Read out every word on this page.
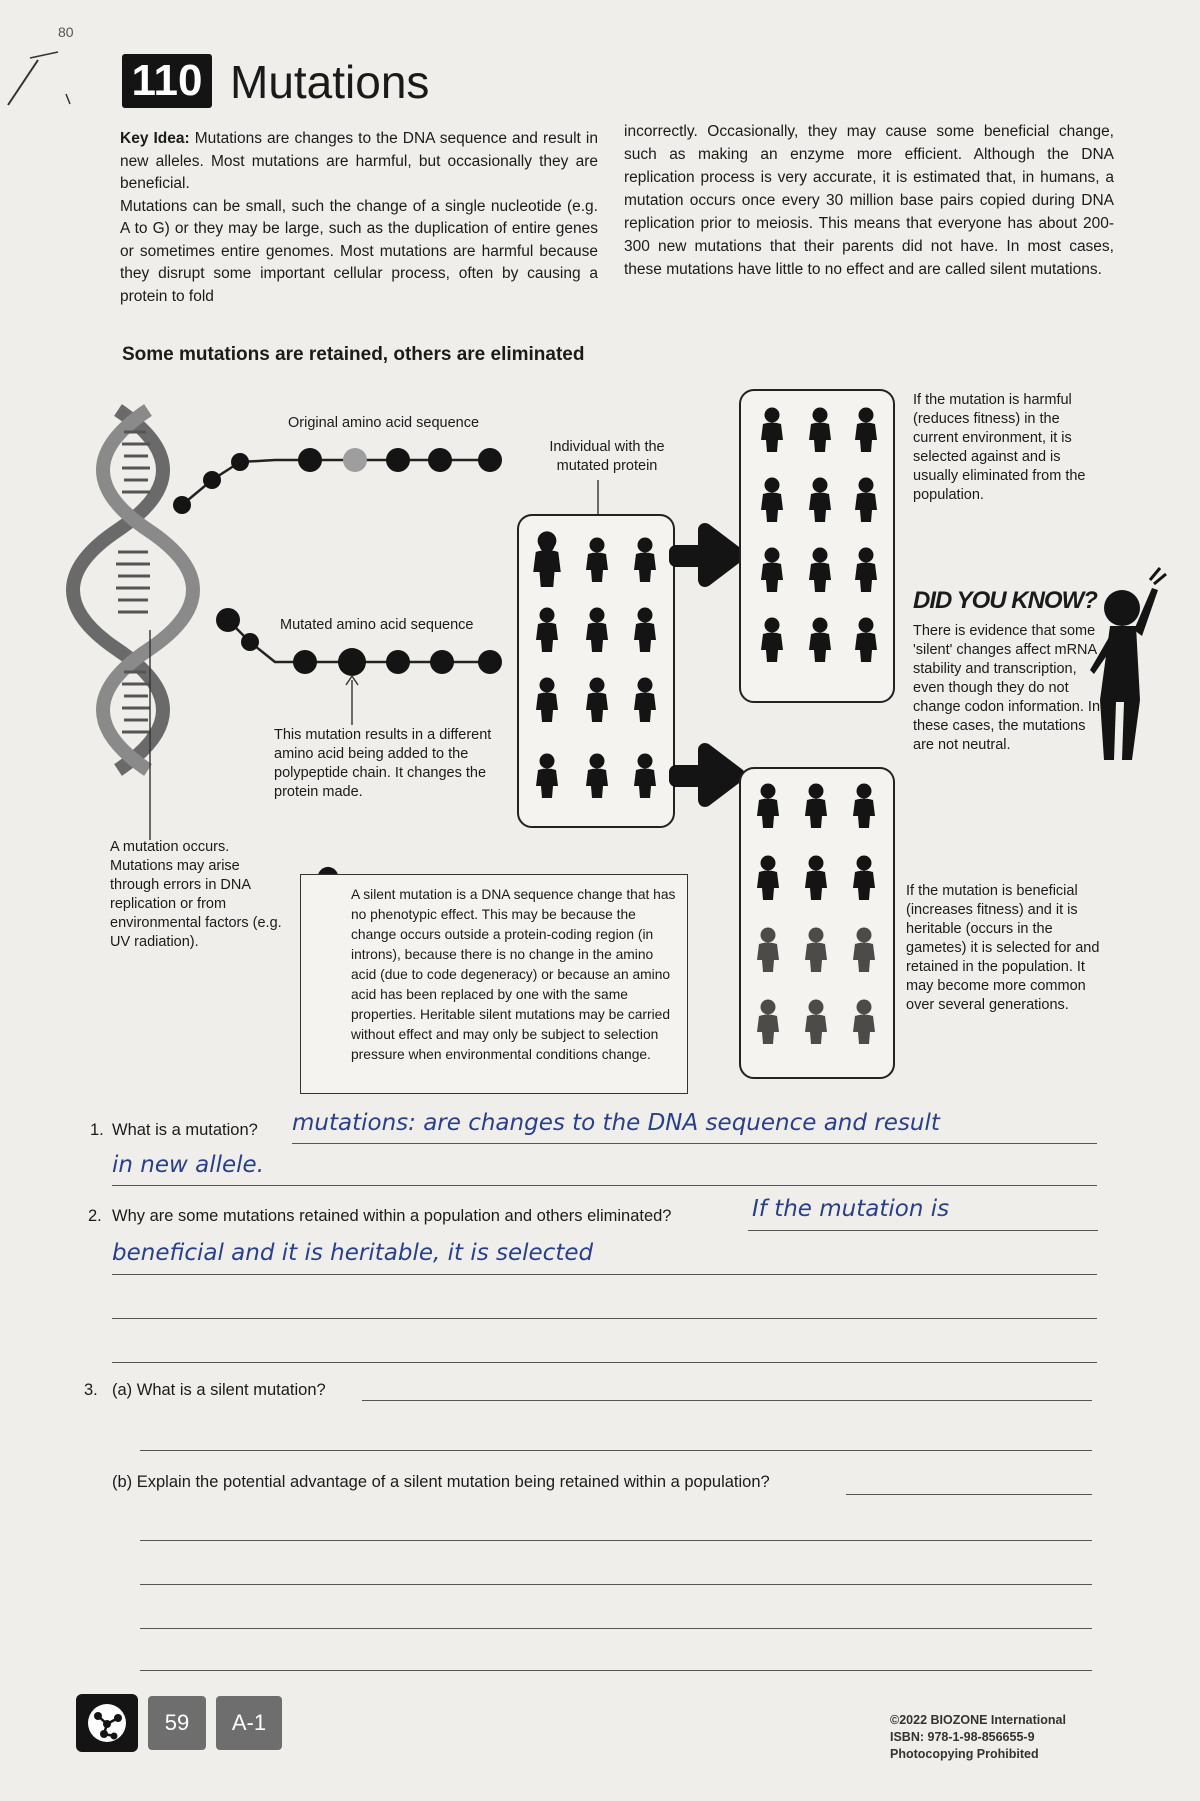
80
110 Mutations
Key Idea: Mutations are changes to the DNA sequence and result in new alleles. Most mutations are harmful, but occasionally they are beneficial.
Mutations can be small, such the change of a single nucleotide (e.g. A to G) or they may be large, such as the duplication of entire genes or sometimes entire genomes. Most mutations are harmful because they disrupt some important cellular process, often by causing a protein to fold
incorrectly. Occasionally, they may cause some beneficial change, such as making an enzyme more efficient. Although the DNA replication process is very accurate, it is estimated that, in humans, a mutation occurs once every 30 million base pairs copied during DNA replication prior to meiosis. This means that everyone has about 200-300 new mutations that their parents did not have. In most cases, these mutations have little to no effect and are called silent mutations.
Some mutations are retained, others are eliminated
Original amino acid sequence
Individual with the mutated protein
Mutated amino acid sequence
This mutation results in a different amino acid being added to the polypeptide chain. It changes the protein made.
A mutation occurs. Mutations may arise through errors in DNA replication or from environmental factors (e.g. UV radiation).
If the mutation is harmful (reduces fitness) in the current environment, it is selected against and is usually eliminated from the population.
If the mutation is beneficial (increases fitness) and it is heritable (occurs in the gametes) it is selected for and retained in the population. It may become more common over several generations.
A silent mutation is a DNA sequence change that has no phenotypic effect. This may be because the change occurs outside a protein-coding region (in introns), because there is no change in the amino acid (due to code degeneracy) or because an amino acid has been replaced by one with the same properties. Heritable silent mutations may be carried without effect and may only be subject to selection pressure when environmental conditions change.
DID YOU KNOW?
There is evidence that some 'silent' changes affect mRNA stability and transcription, even though they do not change codon information. In these cases, the mutations are not neutral.
1. What is a mutation? mutations: are changes to the DNA sequence and result
in new allele.
2. Why are some mutations retained within a population and others eliminated?	If the mutation is
beneficial and it is heritable, it is selected
3. (a) What is a silent mutation?
(b) Explain the potential advantage of a silent mutation being retained within a population?
59	A-1	©2022 BIOZONE International
ISBN: 978-1-98-856655-9
Photocopying Prohibited
